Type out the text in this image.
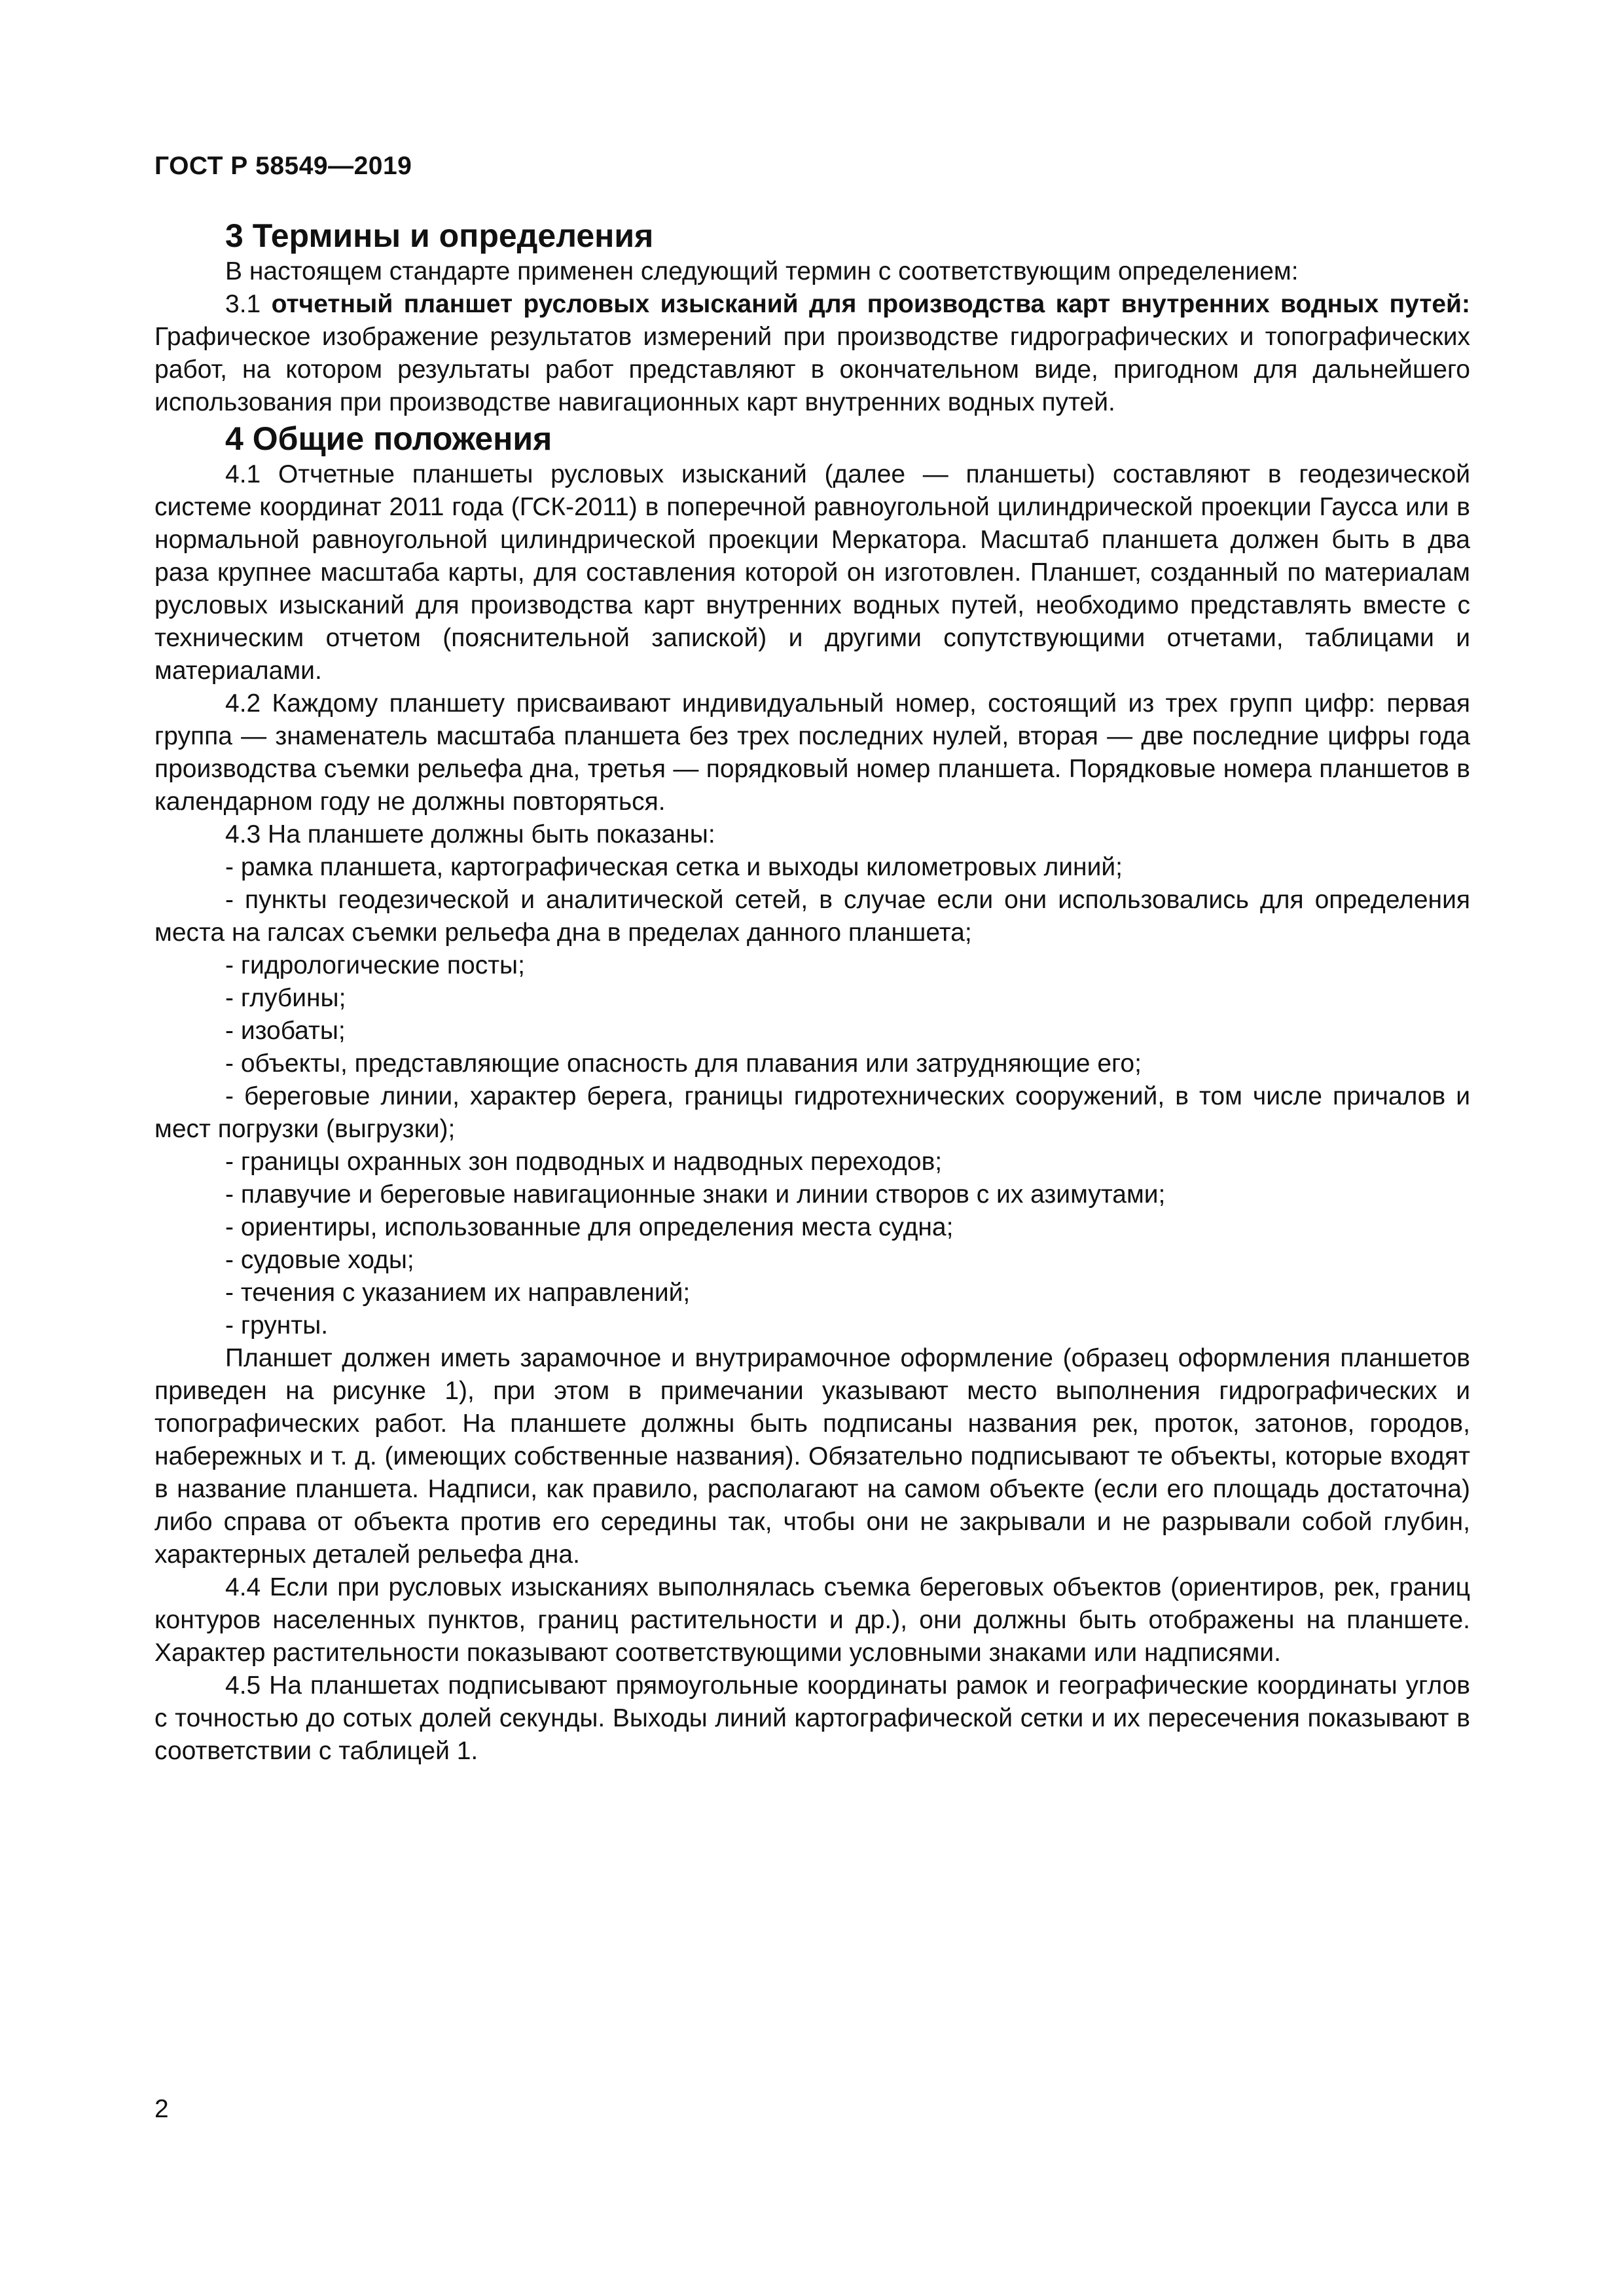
ГОСТ Р 58549—2019
3 Термины и определения

В настоящем стандарте применен следующий термин с соответствующим определением:

3.1 отчетный планшет русловых изысканий для производства карт внутренних водных путей: Графическое изображение результатов измерений при производстве гидрографических и топографических работ, на котором результаты работ представляют в окончательном виде, пригодном для дальнейшего использования при производстве навигационных карт внутренних водных путей.

4 Общие положения

4.1 Отчетные планшеты русловых изысканий (далее — планшеты) составляют в геодезической системе координат 2011 года (ГСК-2011) в поперечной равноугольной цилиндрической проекции Гаусса или в нормальной равноугольной цилиндрической проекции Меркатора. Масштаб планшета должен быть в два раза крупнее масштаба карты, для составления которой он изготовлен. Планшет, созданный по материалам русловых изысканий для производства карт внутренних водных путей, необходимо представлять вместе с техническим отчетом (пояснительной запиской) и другими сопутствующими отчетами, таблицами и материалами.

4.2 Каждому планшету присваивают индивидуальный номер, состоящий из трех групп цифр: первая группа — знаменатель масштаба планшета без трех последних нулей, вторая — две последние цифры года производства съемки рельефа дна, третья — порядковый номер планшета. Порядковые номера планшетов в календарном году не должны повторяться.

4.3 На планшете должны быть показаны:

- рамка планшета, картографическая сетка и выходы километровых линий;
- пункты геодезической и аналитической сетей, в случае если они использовались для определения места на галсах съемки рельефа дна в пределах данного планшета;
- гидрологические посты;
- глубины;
- изобаты;
- объекты, представляющие опасность для плавания или затрудняющие его;
- береговые линии, характер берега, границы гидротехнических сооружений, в том числе причалов и мест погрузки (выгрузки);
- границы охранных зон подводных и надводных переходов;
- плавучие и береговые навигационные знаки и линии створов с их азимутами;
- ориентиры, использованные для определения места судна;
- судовые ходы;
- течения с указанием их направлений;
- грунты.

Планшет должен иметь зарамочное и внутрирамочное оформление (образец оформления планшетов приведен на рисунке 1), при этом в примечании указывают место выполнения гидрографических и топографических работ. На планшете должны быть подписаны названия рек, проток, затонов, городов, набережных и т. д. (имеющих собственные названия). Обязательно подписывают те объекты, которые входят в название планшета. Надписи, как правило, располагают на самом объекте (если его площадь достаточна) либо справа от объекта против его середины так, чтобы они не закрывали и не разрывали собой глубин, характерных деталей рельефа дна.

4.4 Если при русловых изысканиях выполнялась съемка береговых объектов (ориентиров, рек, границ контуров населенных пунктов, границ растительности и др.), они должны быть отображены на планшете. Характер растительности показывают соответствующими условными знаками или надписями.

4.5 На планшетах подписывают прямоугольные координаты рамок и географические координаты углов с точностью до сотых долей секунды. Выходы линий картографической сетки и их пересечения показывают в соответствии с таблицей 1.

2
